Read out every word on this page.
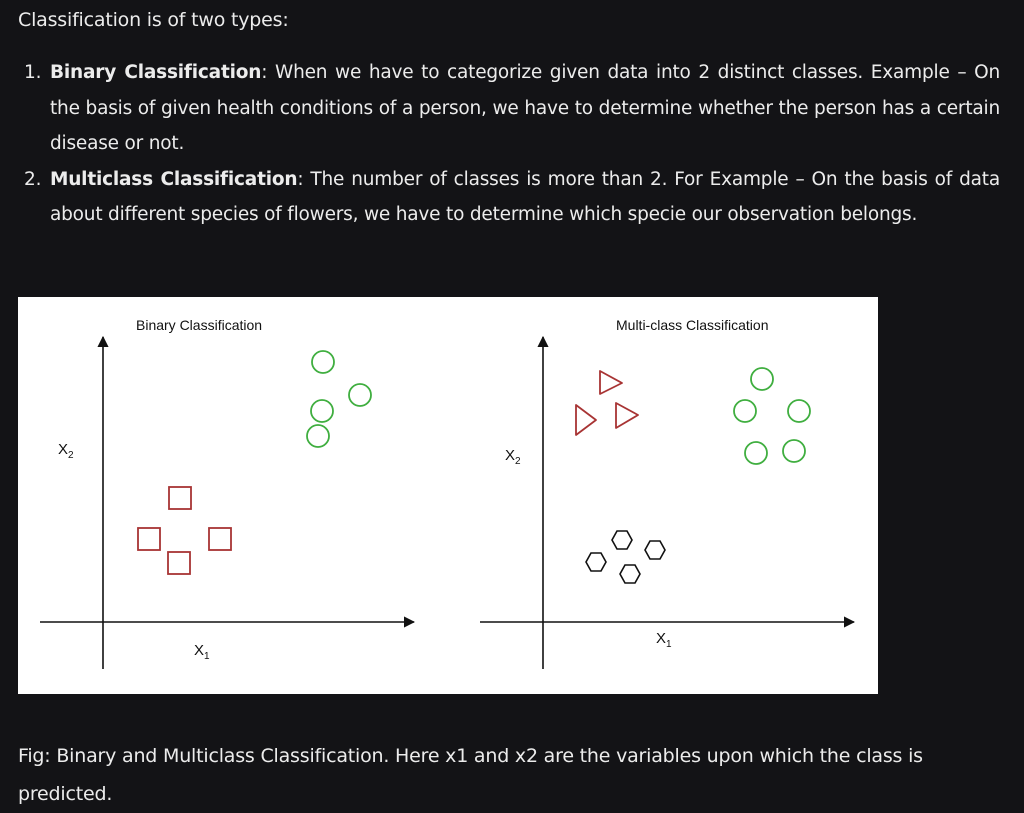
Classification is of two types:
1. Binary Classification: When we have to categorize given data into 2 distinct classes. Example – On the basis of given health conditions of a person, we have to determine whether the person has a certain disease or not.
2. Multiclass Classification: The number of classes is more than 2. For Example – On the basis of data about different species of flowers, we have to determine which specie our observation belongs.
Binary Classification
$X_2$
$X_1$
Multi-class Classification
$X_2$
$X_1$
Fig: Binary and Multiclass Classification. Here x1 and x2 are the variables upon which the class is predicted.
